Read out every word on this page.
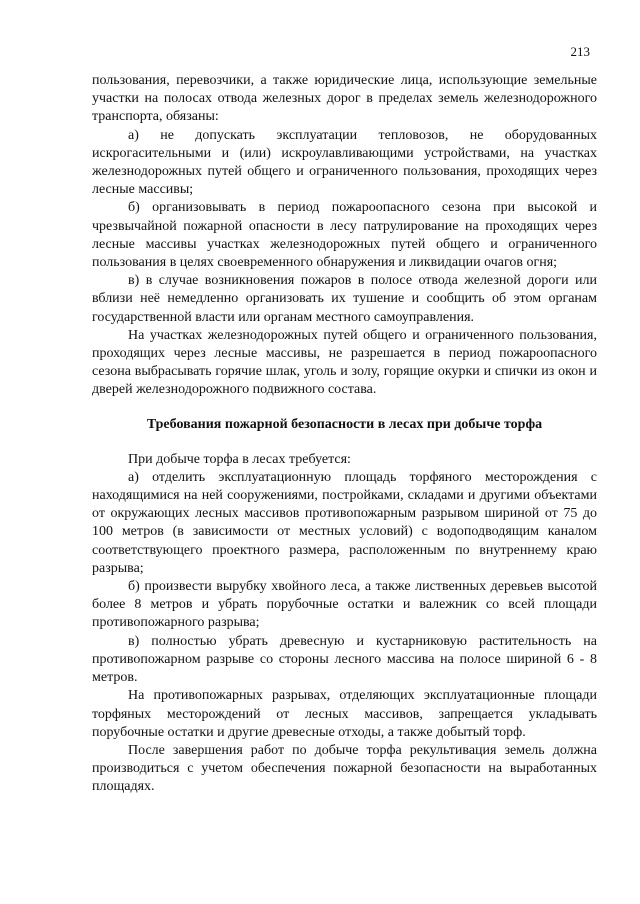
213

пользования, перевозчики, а также юридические лица, использующие земельные участки на полосах отвода железных дорог в пределах земель железнодорожного транспорта, обязаны:

а) не допускать эксплуатации тепловозов, не оборудованных искрогасительными и (или) искроулавливающими устройствами, на участках железнодорожных путей общего и ограниченного пользования, проходящих через лесные массивы;

б) организовывать в период пожароопасного сезона при высокой и чрезвычайной пожарной опасности в лесу патрулирование на проходящих через лесные массивы участках железнодорожных путей общего и ограниченного пользования в целях своевременного обнаружения и ликвидации очагов огня;

в) в случае возникновения пожаров в полосе отвода железной дороги или вблизи неё немедленно организовать их тушение и сообщить об этом органам государственной власти или органам местного самоуправления.

На участках железнодорожных путей общего и ограниченного пользования, проходящих через лесные массивы, не разрешается в период пожароопасного сезона выбрасывать горячие шлак, уголь и золу, горящие окурки и спички из окон и дверей железнодорожного подвижного состава.

Требования пожарной безопасности в лесах при добыче торфа

При добыче торфа в лесах требуется:

а) отделить эксплуатационную площадь торфяного месторождения с находящимися на ней сооружениями, постройками, складами и другими объектами от окружающих лесных массивов противопожарным разрывом шириной от 75 до 100 метров (в зависимости от местных условий) с водоподводящим каналом соответствующего проектного размера, расположенным по внутреннему краю разрыва;

б) произвести вырубку хвойного леса, а также лиственных деревьев высотой более 8 метров и убрать порубочные остатки и валежник со всей площади противопожарного разрыва;

в) полностью убрать древесную и кустарниковую растительность на противопожарном разрыве со стороны лесного массива на полосе шириной 6 - 8 метров.

На противопожарных разрывах, отделяющих эксплуатационные площади торфяных месторождений от лесных массивов, запрещается укладывать порубочные остатки и другие древесные отходы, а также добытый торф.

После завершения работ по добыче торфа рекультивация земель должна производиться с учетом обеспечения пожарной безопасности на выработанных площадях.
